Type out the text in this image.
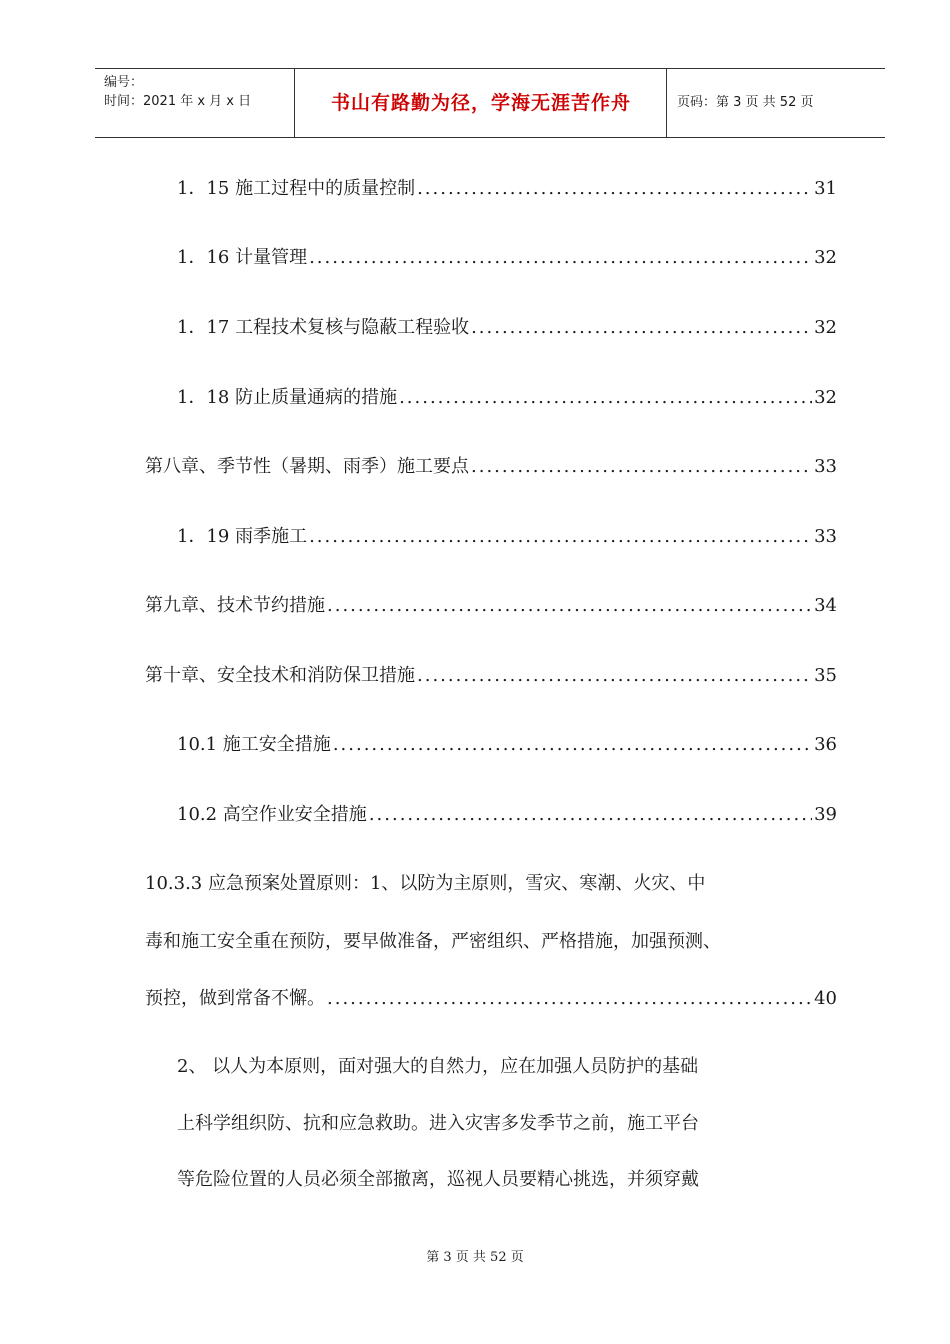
编号：
时间：2021 年 x 月 x 日	书山有路勤为径，学海无涯苦作舟	页码：第 3 页 共 52 页
1．15 施工过程中的质量控制 .....	31
1．16 计量管理 .....	32
1．17 工程技术复核与隐蔽工程验收 .....	32
1．18 防止质量通病的措施 .....	32
第八章、季节性（暑期、雨季）施工要点 .....	33
1．19 雨季施工 .....	33
第九章、技术节约措施 .....	34
第十章、安全技术和消防保卫措施 .....	35
10.1 施工安全措施 .....	36
10.2 高空作业安全措施 .....	39
10.3.3 应急预案处置原则：1、以防为主原则，雪灾、寒潮、火灾、中
毒和施工安全重在预防，要早做准备，严密组织、严格措施，加强预测、
预控，做到常备不懈。 .....	40
2、 以人为本原则，面对强大的自然力，应在加强人员防护的基础
上科学组织防、抗和应急救助。进入灾害多发季节之前，施工平台
等危险位置的人员必须全部撤离，巡视人员要精心挑选，并须穿戴
第 3 页 共 52 页
